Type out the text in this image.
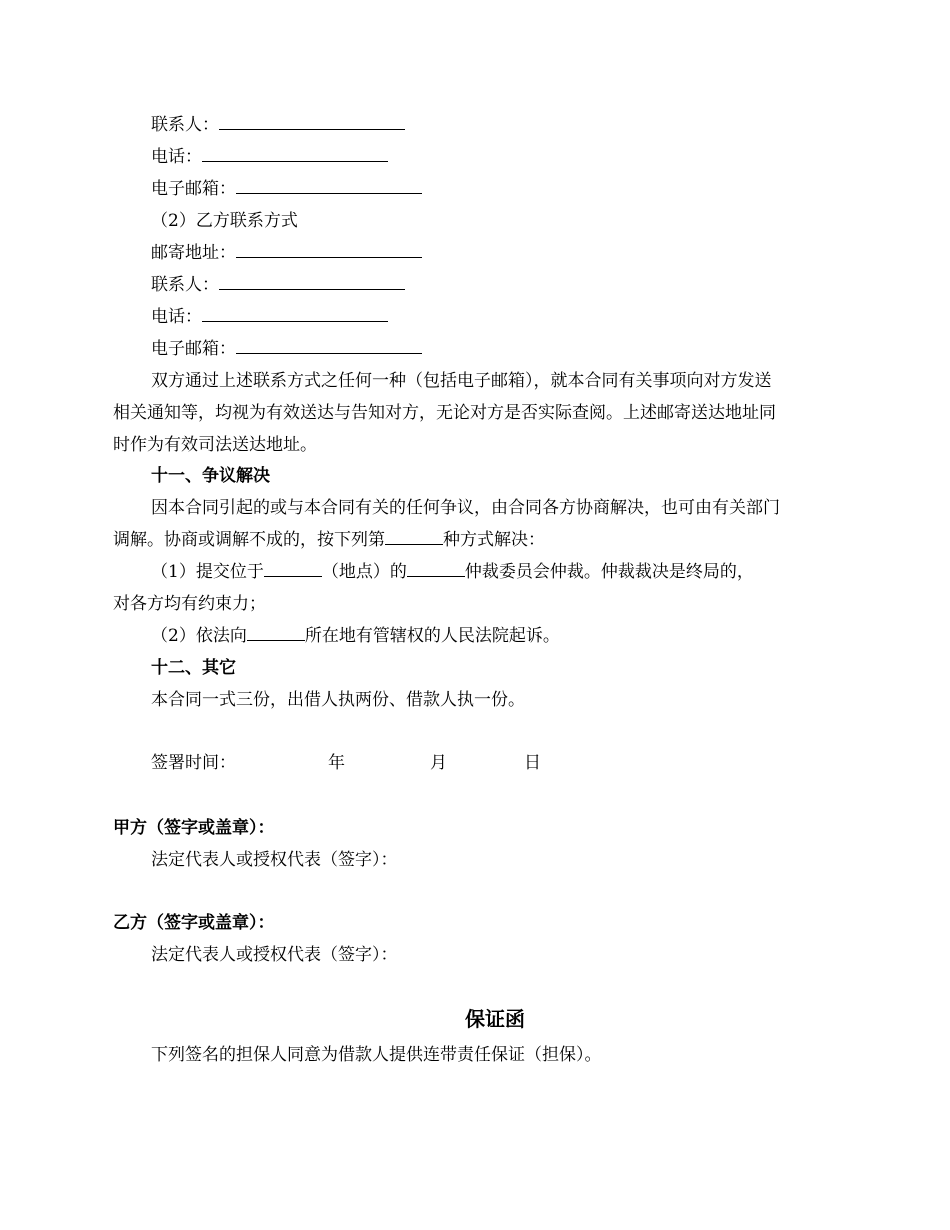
联系人：
电话：
电子邮箱：
（2）乙方联系方式
邮寄地址：
联系人：
电话：
电子邮箱：
双方通过上述联系方式之任何一种（包括电子邮箱），就本合同有关事项向对方发送
相关通知等，均视为有效送达与告知对方，无论对方是否实际查阅。上述邮寄送达地址同
时作为有效司法送达地址。
十一、争议解决
因本合同引起的或与本合同有关的任何争议，由合同各方协商解决，也可由有关部门
调解。协商或调解不成的，按下列第	种方式解决：
（1）提交位于	（地点）的	仲裁委员会仲裁。仲裁裁决是终局的，
对各方均有约束力；
（2）依法向	所在地有管辖权的人民法院起诉。
十二、其它
本合同一式三份，出借人执两份、借款人执一份。
签署时间：	年	月	日
甲方（签字或盖章）：
法定代表人或授权代表（签字）：
乙方（签字或盖章）：
法定代表人或授权代表（签字）：
保证函
下列签名的担保人同意为借款人提供连带责任保证（担保）。
